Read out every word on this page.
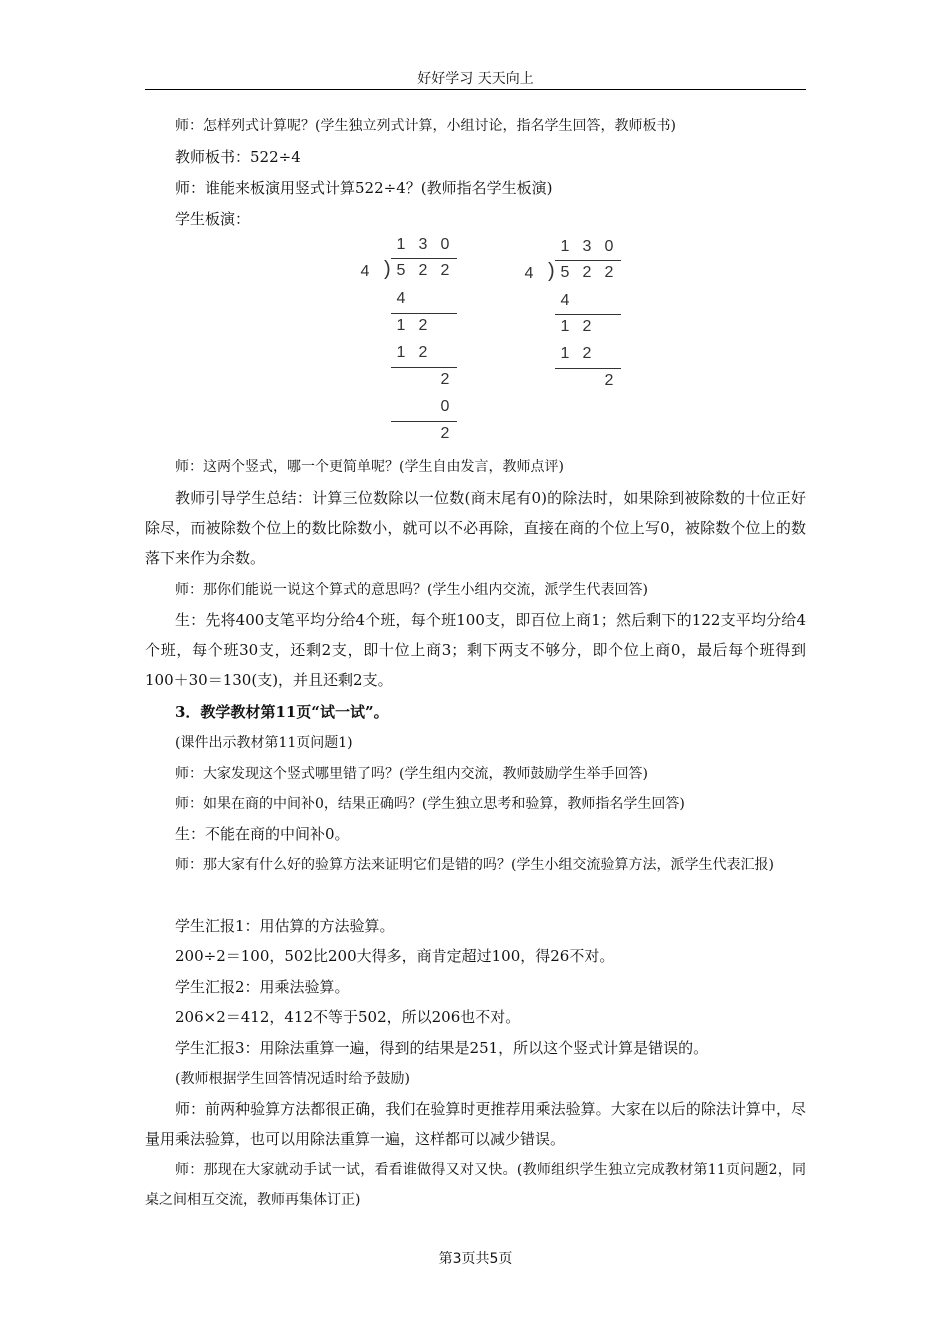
好好学习 天天向上

师：怎样列式计算呢？(学生独立列式计算，小组讨论，指名学生回答，教师板书)

教师板书：522÷4

师：谁能来板演用竖式计算522÷4？(教师指名学生板演)

学生板演：

1 3 0
4 ) 5 2 2
4
1 2
1 2
2
0
2
1 3 0
4 ) 5 2 2
4
1 2
1 2
2

师：这两个竖式，哪一个更简单呢？(学生自由发言，教师点评)

教师引导学生总结：计算三位数除以一位数(商末尾有0)的除法时，如果除到被除数的十位正好除尽，而被除数个位上的数比除数小，就可以不必再除，直接在商的个位上写0，被除数个位上的数落下来作为余数。

师：那你们能说一说这个算式的意思吗？(学生小组内交流，派学生代表回答)

生：先将400支笔平均分给4个班，每个班100支，即百位上商1；然后剩下的122支平均分给4个班，每个班30支，还剩2支，即十位上商3；剩下两支不够分，即个位上商0，最后每个班得到100＋30＝130(支)，并且还剩2支。

3．教学教材第11页“试一试”。

(课件出示教材第11页问题1)

师：大家发现这个竖式哪里错了吗？(学生组内交流，教师鼓励学生举手回答)

师：如果在商的中间补0，结果正确吗？(学生独立思考和验算，教师指名学生回答)

生：不能在商的中间补0。

师：那大家有什么好的验算方法来证明它们是错的吗？(学生小组交流验算方法，派学生代表汇报)

学生汇报1：用估算的方法验算。

200÷2＝100，502比200大得多，商肯定超过100，得26不对。

学生汇报2：用乘法验算。

206×2＝412，412不等于502，所以206也不对。

学生汇报3：用除法重算一遍，得到的结果是251，所以这个竖式计算是错误的。

(教师根据学生回答情况适时给予鼓励)

师：前两种验算方法都很正确，我们在验算时更推荐用乘法验算。大家在以后的除法计算中，尽量用乘法验算，也可以用除法重算一遍，这样都可以减少错误。

师：那现在大家就动手试一试，看看谁做得又对又快。(教师组织学生独立完成教材第11页问题2，同桌之间相互交流，教师再集体订正)

第3页共5页
